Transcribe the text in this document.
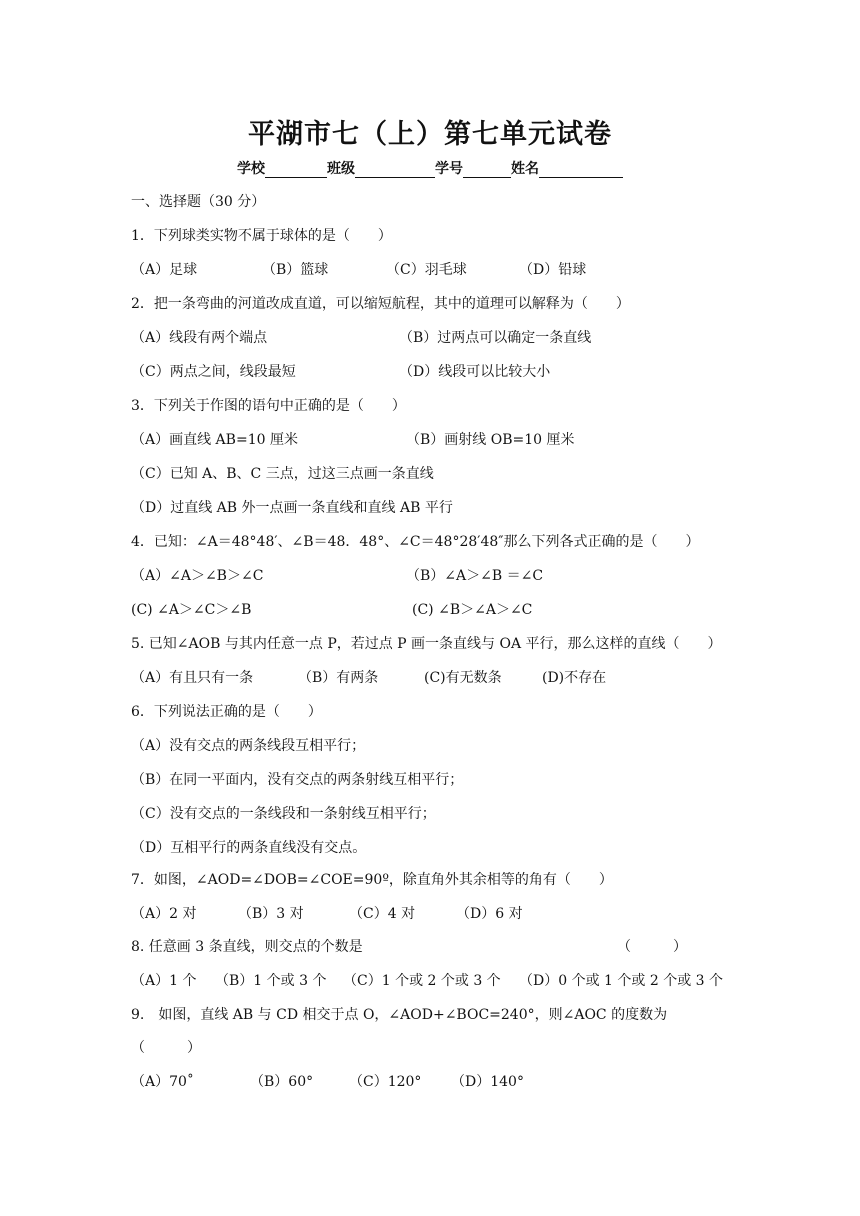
平湖市七（上）第七单元试卷
学校	班级	学号	姓名
一、选择题（30 分）
1．下列球类实物不属于球体的是（　　）
（A）足球	（B）篮球	（C）羽毛球	（D）铅球
2．把一条弯曲的河道改成直道，可以缩短航程，其中的道理可以解释为（　　）
（A）线段有两个端点	（B）过两点可以确定一条直线
（C）两点之间，线段最短	（D）线段可以比较大小
3．下列关于作图的语句中正确的是（　　）
（A）画直线 AB=10 厘米	（B）画射线 OB=10 厘米
（C）已知 A、B、C 三点，过这三点画一条直线
（D）过直线 AB 外一点画一条直线和直线 AB 平行
4．已知：∠A＝48°48′、∠B＝48．48°、∠C＝48°28′48″那么下列各式正确的是（　　）
（A）∠A＞∠B＞∠C	（B）∠A＞∠B ＝∠C
(C) ∠A＞∠C＞∠B	(C) ∠B＞∠A＞∠C
5. 已知∠AOB 与其内任意一点 P，若过点 P 画一条直线与 OA 平行，那么这样的直线（　　）
（A）有且只有一条	（B）有两条	(C)有无数条	(D)不存在
6．下列说法正确的是（　　）
（A）没有交点的两条线段互相平行；
（B）在同一平面内，没有交点的两条射线互相平行；
（C）没有交点的一条线段和一条射线互相平行；
（D）互相平行的两条直线没有交点。
7．如图，∠AOD=∠DOB=∠COE=90º，除直角外其余相等的角有（　　）
（A）2 对	（B）3 对	（C）4 对	（D）6 对
8. 任意画 3 条直线，则交点的个数是	（　　　）
（A）1 个 （B）1 个或 3 个 （C）1 个或 2 个或 3 个 （D）0 个或 1 个或 2 个或 3 个
9.　如图，直线 AB 与 CD 相交于点 O，∠AOD+∠BOC=240°，则∠AOC 的度数为
（　　　）
（A）70˚	（B）60°	（C）120° （D）140°
